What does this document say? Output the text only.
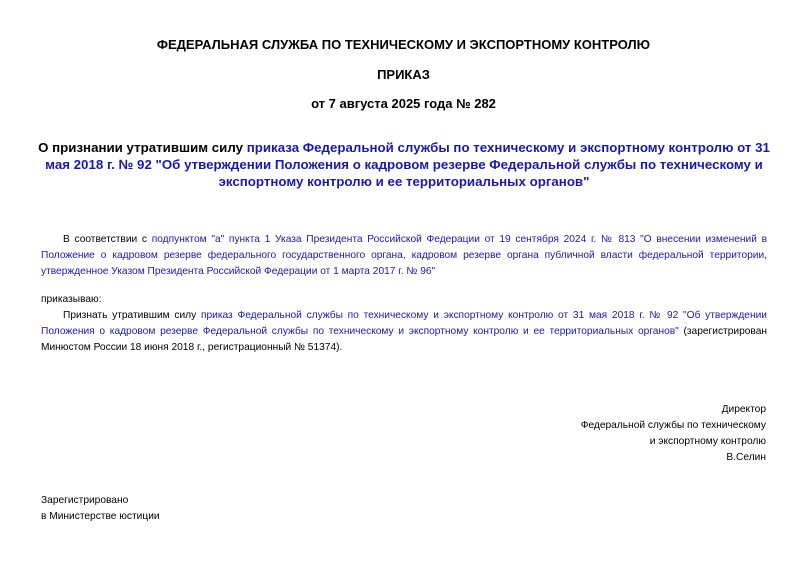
ФЕДЕРАЛЬНАЯ СЛУЖБА ПО ТЕХНИЧЕСКОМУ И ЭКСПОРТНОМУ КОНТРОЛЮ
ПРИКАЗ
от 7 августа 2025 года № 282
О признании утратившим силу приказа Федеральной службы по техническому и экспортному контролю от 31 мая 2018 г. № 92 "Об утверждении Положения о кадровом резерве Федеральной службы по техническому и экспортному контролю и ее территориальных органов"
В соответствии с подпунктом "а" пункта 1 Указа Президента Российской Федерации от 19 сентября 2024 г. № 813 "О внесении изменений в Положение о кадровом резерве федерального государственного органа, кадровом резерве органа публичной власти федеральной территории, утвержденное Указом Президента Российской Федерации от 1 марта 2017 г. № 96"
приказываю:
Признать утратившим силу приказ Федеральной службы по техническому и экспортному контролю от 31 мая 2018 г. № 92 "Об утверждении Положения о кадровом резерве Федеральной службы по техническому и экспортному контролю и ее территориальных органов" (зарегистрирован Минюстом России 18 июня 2018 г., регистрационный № 51374).
Директор
Федеральной службы по техническому
и экспортному контролю
В.Селин
Зарегистрировано
в Министерстве юстиции
